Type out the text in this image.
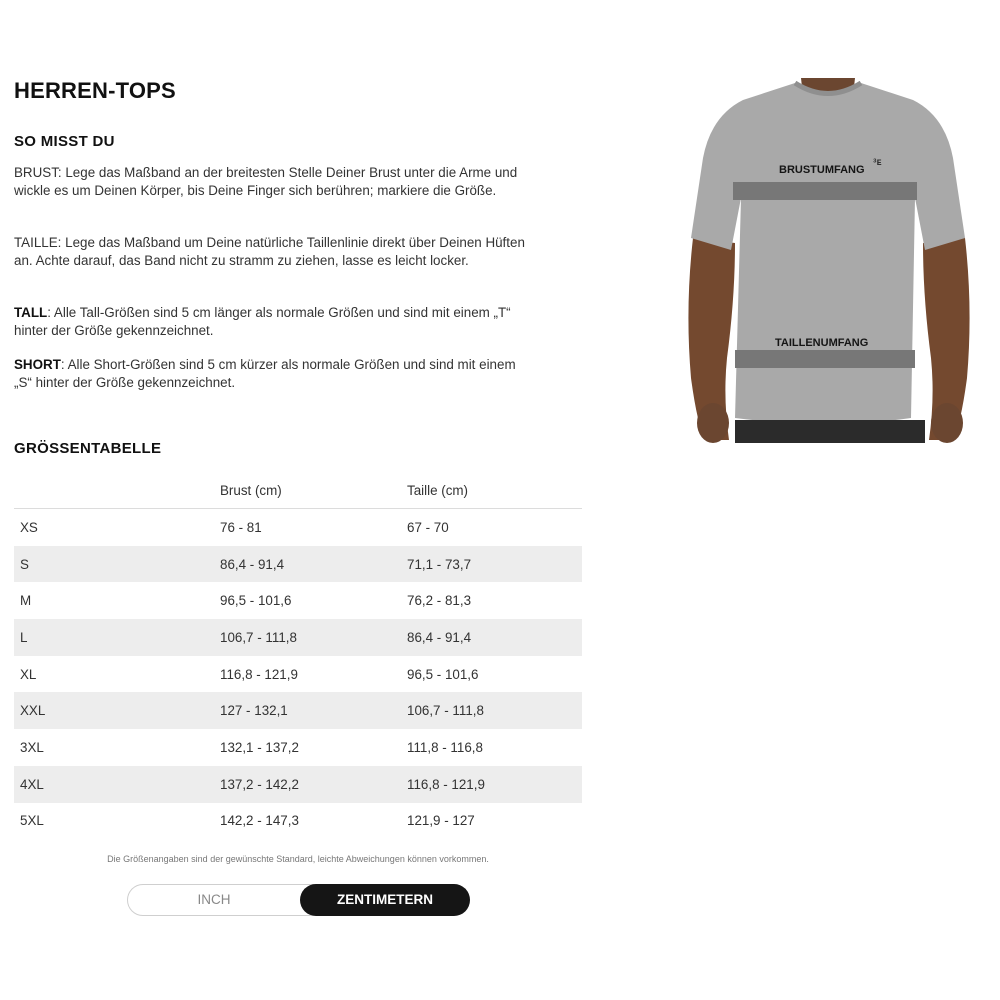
HERREN-TOPS
SO MISST DU

BRUST: Lege das Maßband an der breitesten Stelle Deiner Brust unter die Arme und wickle es um Deinen Körper, bis Deine Finger sich berühren; markiere die Größe.

TAILLE: Lege das Maßband um Deine natürliche Taillenlinie direkt über Deinen Hüften an. Achte darauf, das Band nicht zu stramm zu ziehen, lasse es leicht locker.

TALL: Alle Tall-Größen sind 5 cm länger als normale Größen und sind mit einem „T“ hinter der Größe gekennzeichnet.

SHORT: Alle Short-Größen sind 5 cm kürzer als normale Größen und sind mit einem „S“ hinter der Größe gekennzeichnet.

GRÖSSENTABELLE
	Brust (cm)	Taille (cm)
XS	76 - 81	67 - 70
S	86,4 - 91,4	71,1 - 73,7
M	96,5 - 101,6	76,2 - 81,3
L	106,7 - 111,8	86,4 - 91,4
XL	116,8 - 121,9	96,5 - 101,6
XXL	127 - 132,1	106,7 - 111,8
3XL	132,1 - 137,2	111,8 - 116,8
4XL	137,2 - 142,2	116,8 - 121,9
5XL	142,2 - 147,3	121,9 - 127

Die Größenangaben sind der gewünschte Standard, leichte Abweichungen können vorkommen.

INCH	ZENTIMETERN
BRUSTUMFANG
ᵌᴇ
TAILLENUMFANG
